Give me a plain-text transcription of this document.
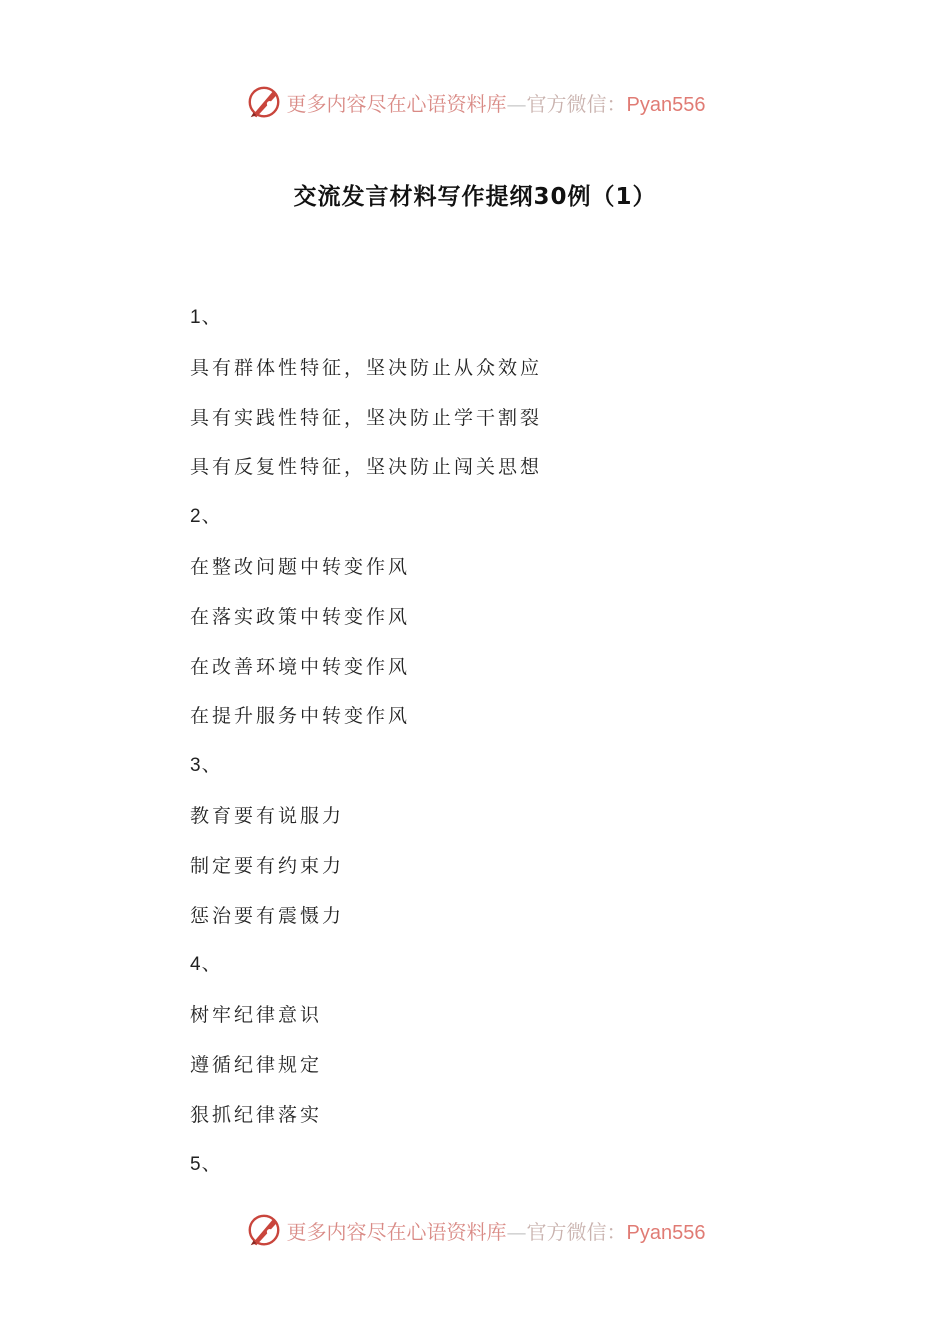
更多内容尽在心语资料库—官方微信：Pyan556
交流发言材料写作提纲30例（1）
1、
具有群体性特征，坚决防止从众效应
具有实践性特征，坚决防止学干割裂
具有反复性特征，坚决防止闯关思想
2、
在整改问题中转变作风
在落实政策中转变作风
在改善环境中转变作风
在提升服务中转变作风
3、
教育要有说服力
制定要有约束力
惩治要有震慑力
4、
树牢纪律意识
遵循纪律规定
狠抓纪律落实
5、
更多内容尽在心语资料库—官方微信：Pyan556
